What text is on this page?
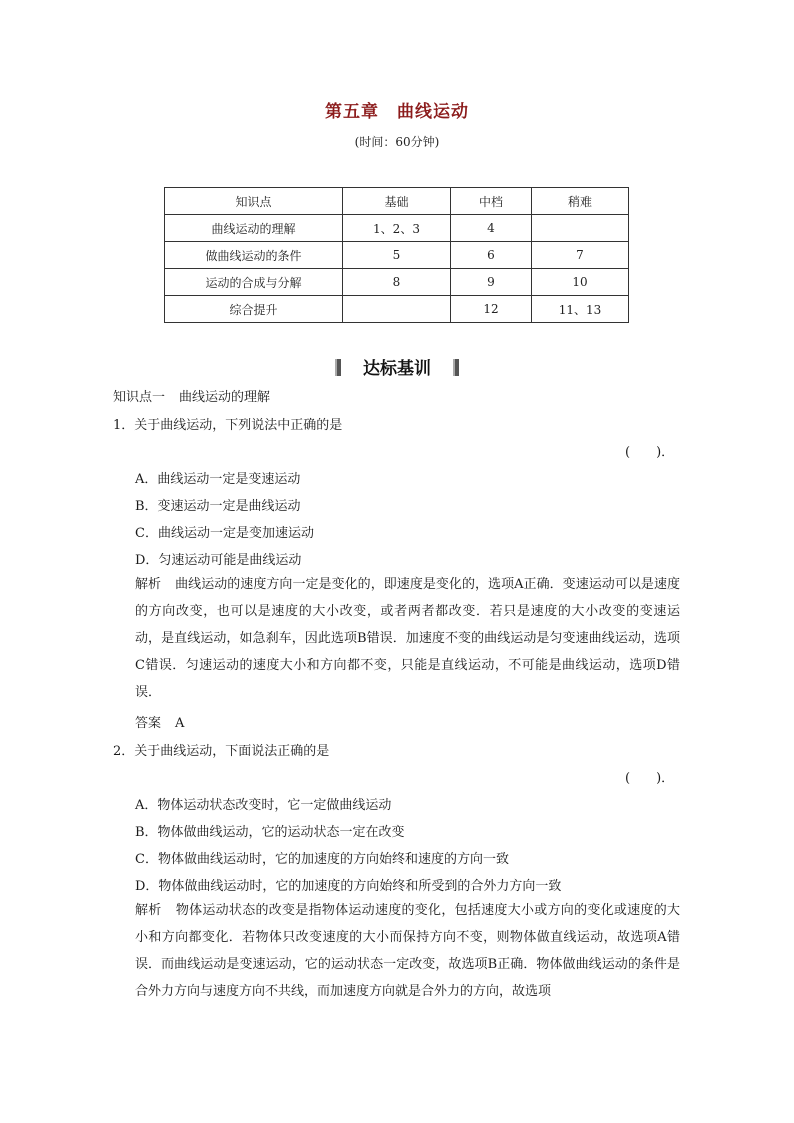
第五章 曲线运动
(时间：60分钟)
知识点	基础	中档	稍难
曲线运动的理解	1、2、3	4	
做曲线运动的条件	5	6	7
运动的合成与分解	8	9	10
综合提升		12	11、13
达标基训
知识点一 曲线运动的理解
1．关于曲线运动，下列说法中正确的是
(　　)．
A．曲线运动一定是变速运动
B．变速运动一定是曲线运动
C．曲线运动一定是变加速运动
D．匀速运动可能是曲线运动
解析 曲线运动的速度方向一定是变化的，即速度是变化的，选项A正确．变速运动可以是速度的方向改变，也可以是速度的大小改变，或者两者都改变．若只是速度的大小改变的变速运动，是直线运动，如急刹车，因此选项B错误．加速度不变的曲线运动是匀变速曲线运动，选项C错误．匀速运动的速度大小和方向都不变，只能是直线运动，不可能是曲线运动，选项D错误．
答案 A
2．关于曲线运动，下面说法正确的是
(　　)．
A．物体运动状态改变时，它一定做曲线运动
B．物体做曲线运动，它的运动状态一定在改变
C．物体做曲线运动时，它的加速度的方向始终和速度的方向一致
D．物体做曲线运动时，它的加速度的方向始终和所受到的合外力方向一致
解析 物体运动状态的改变是指物体运动速度的变化，包括速度大小或方向的变化或速度的大小和方向都变化．若物体只改变速度的大小而保持方向不变，则物体做直线运动，故选项A错误．而曲线运动是变速运动，它的运动状态一定改变，故选项B正确．物体做曲线运动的条件是合外力方向与速度方向不共线，而加速度方向就是合外力的方向，故选项
